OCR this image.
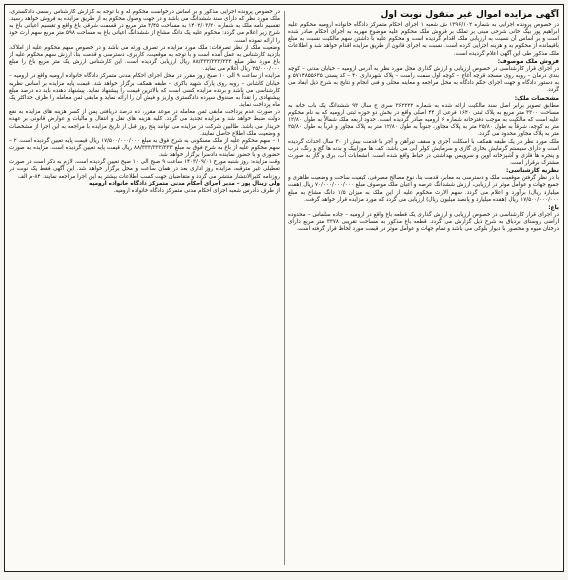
آگهی مزایده اموال غیر منقول نوبت اول

در خصوص پرونده اجرایی به شماره ۱۳۹۶/۱۰۲ ش شعبه ۱ اجرای احکام متمرکز دادگاه خانواده ارومیه محکوم علیه ابراهیم پور بیگ خانی شرحی مبنی بر تملک بر فروش ملک محکوم علیه موضوع مهریه به اجرای احکام صادر شده است و بر اساس آن نسبت به ارزیابی ملک اقدام گردیده است و محکوم علیه با داشتن سهم مالکیت نسبت به مبلغ باقیمانده از محکوم به و هزینه اجرایی کرده است. نسبت به اجرای قانون از طریق مزایده اقدام خواهد شد و اطلاعات ملک مذکور طی این آگهی اعلام گردیده است.

فروش ملک موصوف:

در اجرای قرار کارشناسی در خصوص ارزیابی و ارزش گذاری محل مورد نظر به آدرس ارومیه – خیابان مدنی – کوچه بندی درمان – روبه روی مسجد قرچه آغاج – کوچه اول سمت راست – پلاک شهرداری ۴۰ – کد پستی ۵۷۱۴۸۵۵۶۳۵ و به دستور دادگاه و جهت اجرای حکم دادگاه به محل مراجعه و معاینه محلی و فنی انجام و نتایج به شرح ذیل ایفاد می گردد.

مشخصات ملک:

مطابق تصویر برابر اصل سند مالکیت ارائه شده به شماره ۳۶۲۲۲۲ سری ج سال ۹۳ ششدانگ یک باب خانه به مساحت ۳۳۰۰ متر مربع به پلاک ثبتی ۱۶۴۰ فرعی از ۴۴ اصلی واقع در بخش دو حوزه ثبتی ارومیه که به نام محکوم علیه است که مالکیت به موجب دفترخانه شماره ۶ ارومیه صادر گردیده است. حدود اربعه ملک شمالاً به طول ۱۲/۸۰ متر به کوچه، شرقاً به طول ۲۵/۸۰ متر به پلاک مجاور، جنوباً به طول ۱۲/۸۰ متر به پلاک مجاور و غرباً به طول ۲۵/۸۰ متر به پلاک مجاور محدود می گردد.

ملک مورد نظر در یک طبقه همکف با اسکلت آجری و سقف تیرآهن و آجر با قدمت بیش از ۳۰ سال احداث گردیده است و دارای سیستم گرمایش بخاری گازی و سرمایش کولر آبی می باشد. کف ها موزاییک و بدنه ها گچ و رنگ، درب و پنجره ها فلزی و آشپزخانه اوپن و سرویس بهداشتی در حیاط واقع شده است. انشعابات آب، برق و گاز به صورت مشترک برقرار است.

نظریه کارشناسی:

با در نظر گرفتن موقعیت ملک و دسترسی به معابر، قدمت بنا، نوع مصالح مصرفی، کیفیت ساخت و وضعیت ظاهری و جمیع جهات و عوامل موثر در ارزیابی، ارزش ششدانگ عرصه و اعیان ملک موصوف مبلغ ۷۰/۰۰۰/۰۰۰/۰۰۰ ریال (هفت میلیارد ریال) برآورد و اعلام می گردد. سهم الارث محکوم علیه از این ملک به میزان ۱/۵ دانگ مشاع به مبلغ ۱۷/۵۰۰/۰۰۰/۰۰۰ ریال (هفده میلیارد و پانصد میلیون ریال) ارزیابی می گردد که مورد مزایده قرار خواهد گرفت.

باغ:

در اجرای قرار کارشناسی در خصوص ارزیابی و ارزش گذاری یک قطعه باغ واقع در ارومیه – جاده سلماس – محدوده اراضی روستای بردیاق به شرح ذیل گزارش می گردد. قطعه باغ مذکور به مساحت تقریبی ۳۳۷۸ متر مربع دارای درختان میوه و محصور با دیوار بلوکی می باشد و تمام جهات و عوامل موثر در قیمت مورد لحاظ قرار گرفته است.

در خصوص پرونده اجرایی مذکور و بر اساس درخواست محکوم له و با توجه به گزارش کارشناس رسمی دادگستری، ملک مورد نظر که دارای سند ششدانگ می باشد و در جهت وصول محکوم به از طریق مزایده به فروش خواهد رسید. تقسیم نامه ملک به شماره ۱۴۰۲/۰۳/۲۰ به مساحت ۳/۴۵ متر مربع در قسمت شرقی باغ واقع و تقسیم اعیانی باغ به شرح زیر اعلام می گردد: محکوم علیه یک دانگ مشاع از ششدانگ اعیانی باغ به مساحت ۵۹۸ متر مربع سهم ارث خود را ارائه نموده است.

وضعیت ملک از نظر تصرفات: ملک مورد مزایده در تصرف ورثه می باشد و در خصوص سهم محکوم علیه از املاک، بازدید کارشناس به عمل آمده است و با توجه به موقعیت، کاربری، دسترسی و قدمت بنا، ارزش سهم محکوم علیه از باغ مورد نظر مبلغ ۸۸/۳۳۳/۳۳۳/۳۳۳ ریال ارزیابی گردیده است. این کارشناس ارزش یک متر مربع باغ را مبلغ ۲۵/۰۰۰/۰۰۰ ریال اعلام می نماید.

مزایده از ساعت ۹ الی ۱۰ صبح روز مقرر در محل اجرای احکام مدنی متمرکز دادگاه خانواده ارومیه واقع در ارومیه – خیابان کاشانی – روبه روی پارک شهید باکری – طبقه همکف برگزار خواهد شد. قیمت پایه مزایده بر اساس نظریه کارشناسی می باشد و برنده مزایده کسی است که بالاترین قیمت را پیشنهاد نماید. پیشنهاد دهنده باید ده درصد مبلغ پیشنهادی را نقداً به صندوق سپرده دادگستری واریز و فیش آن را ارائه نماید و مابقی ثمن معامله را ظرف حداکثر یک ماه پرداخت نماید.

در صورت عدم پرداخت مابقی ثمن معامله در موعد مقرر، ده درصد دریافتی پس از کسر هزینه های مزایده به نفع دولت ضبط خواهد شد و مزایده تجدید می گردد. کلیه هزینه های نقل و انتقال و مالیات و عوارض قانونی بر عهده خریدار می باشد. طالبین شرکت در مزایده می توانند پنج روز قبل از تاریخ مزایده با مراجعه به این اجرا از مشخصات و وضعیت ملک اطلاع حاصل نمایند.

۱ – سهم محکوم علیه از ملک مسکونی به شرح فوق به مبلغ ۱۷/۵۰۰/۰۰۰/۰۰۰ ریال قیمت پایه تعیین گردیده است. ۲ – سهم محکوم علیه از باغ به شرح فوق به مبلغ ۸۸/۳۳۳/۳۳۳/۳۳۳ ریال قیمت پایه تعیین گردیده است. مزایده به صورت حضوری و با حضور نماینده دادسرا برگزار خواهد شد.

وقت مزایده: روز شنبه مورخ ۱۴۰۳/۰۹/۰۱ ساعت ۹ صبح الی ۱۰ صبح تعیین گردیده است. لازم به ذکر است در صورت تعطیلی غیر مترقبه، مزایده روز اداری بعد در همان ساعت و محل برگزار خواهد شد. این آگهی فقط یک نوبت در روزنامه کثیرالانتشار منتشر می گردد و متقاضیان جهت کسب اطلاعات بیشتر به این اجرا مراجعه نمایند. ۸۴-م الف

ولی زینال پور – مدیر اجرای احکام مدنی متمرکز دادگاه خانواده ارومیه

از طرف دادرس شعبه اجرای احکام مدنی متمرکز دادگاه خانواده ارومیه.
